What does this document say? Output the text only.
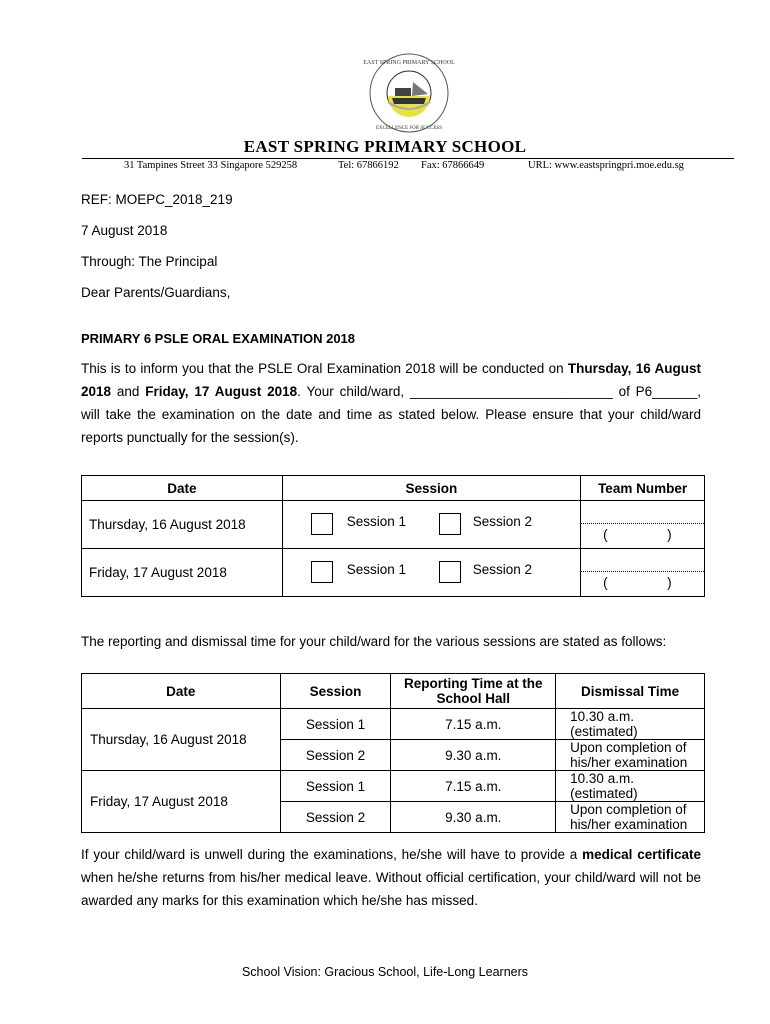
EAST SPRING PRIMARY SCHOOL
EXCELLENCE FOR SUCCESS
EAST SPRING PRIMARY SCHOOL
31 Tampines Street 33 Singapore 529258	Tel: 67866192 Fax: 67866649	URL: www.eastspringpri.moe.edu.sg
REF: MOEPC_2018_219
7 August 2018
Through: The Principal
Dear Parents/Guardians,
PRIMARY 6 PSLE ORAL EXAMINATION 2018
This is to inform you that the PSLE Oral Examination 2018 will be conducted on Thursday, 16 August 2018 and Friday, 17 August 2018. Your child/ward, ___________________________ of P6______, will take the examination on the date and time as stated below. Please ensure that your child/ward reports punctually for the session(s).
Date	Session	Team Number
Thursday, 16 August 2018	Session 1 Session 2	( )

Friday, 17 August 2018	Session 1 Session 2	( )
The reporting and dismissal time for your child/ward for the various sessions are stated as follows:
Date	Session	Reporting Time at the School Hall	Dismissal Time
Thursday, 16 August 2018	Session 1	7.15 a.m.	10.30 a.m.
(estimated)
	Session 2	9.30 a.m.	Upon completion of
his/her examination
Friday, 17 August 2018	Session 1	7.15 a.m.	10.30 a.m.
(estimated)
	Session 2	9.30 a.m.	Upon completion of
his/her examination
If your child/ward is unwell during the examinations, he/she will have to provide a medical certificate when he/she returns from his/her medical leave. Without official certification, your child/ward will not be awarded any marks for this examination which he/she has missed.
School Vision: Gracious School, Life-Long Learners
